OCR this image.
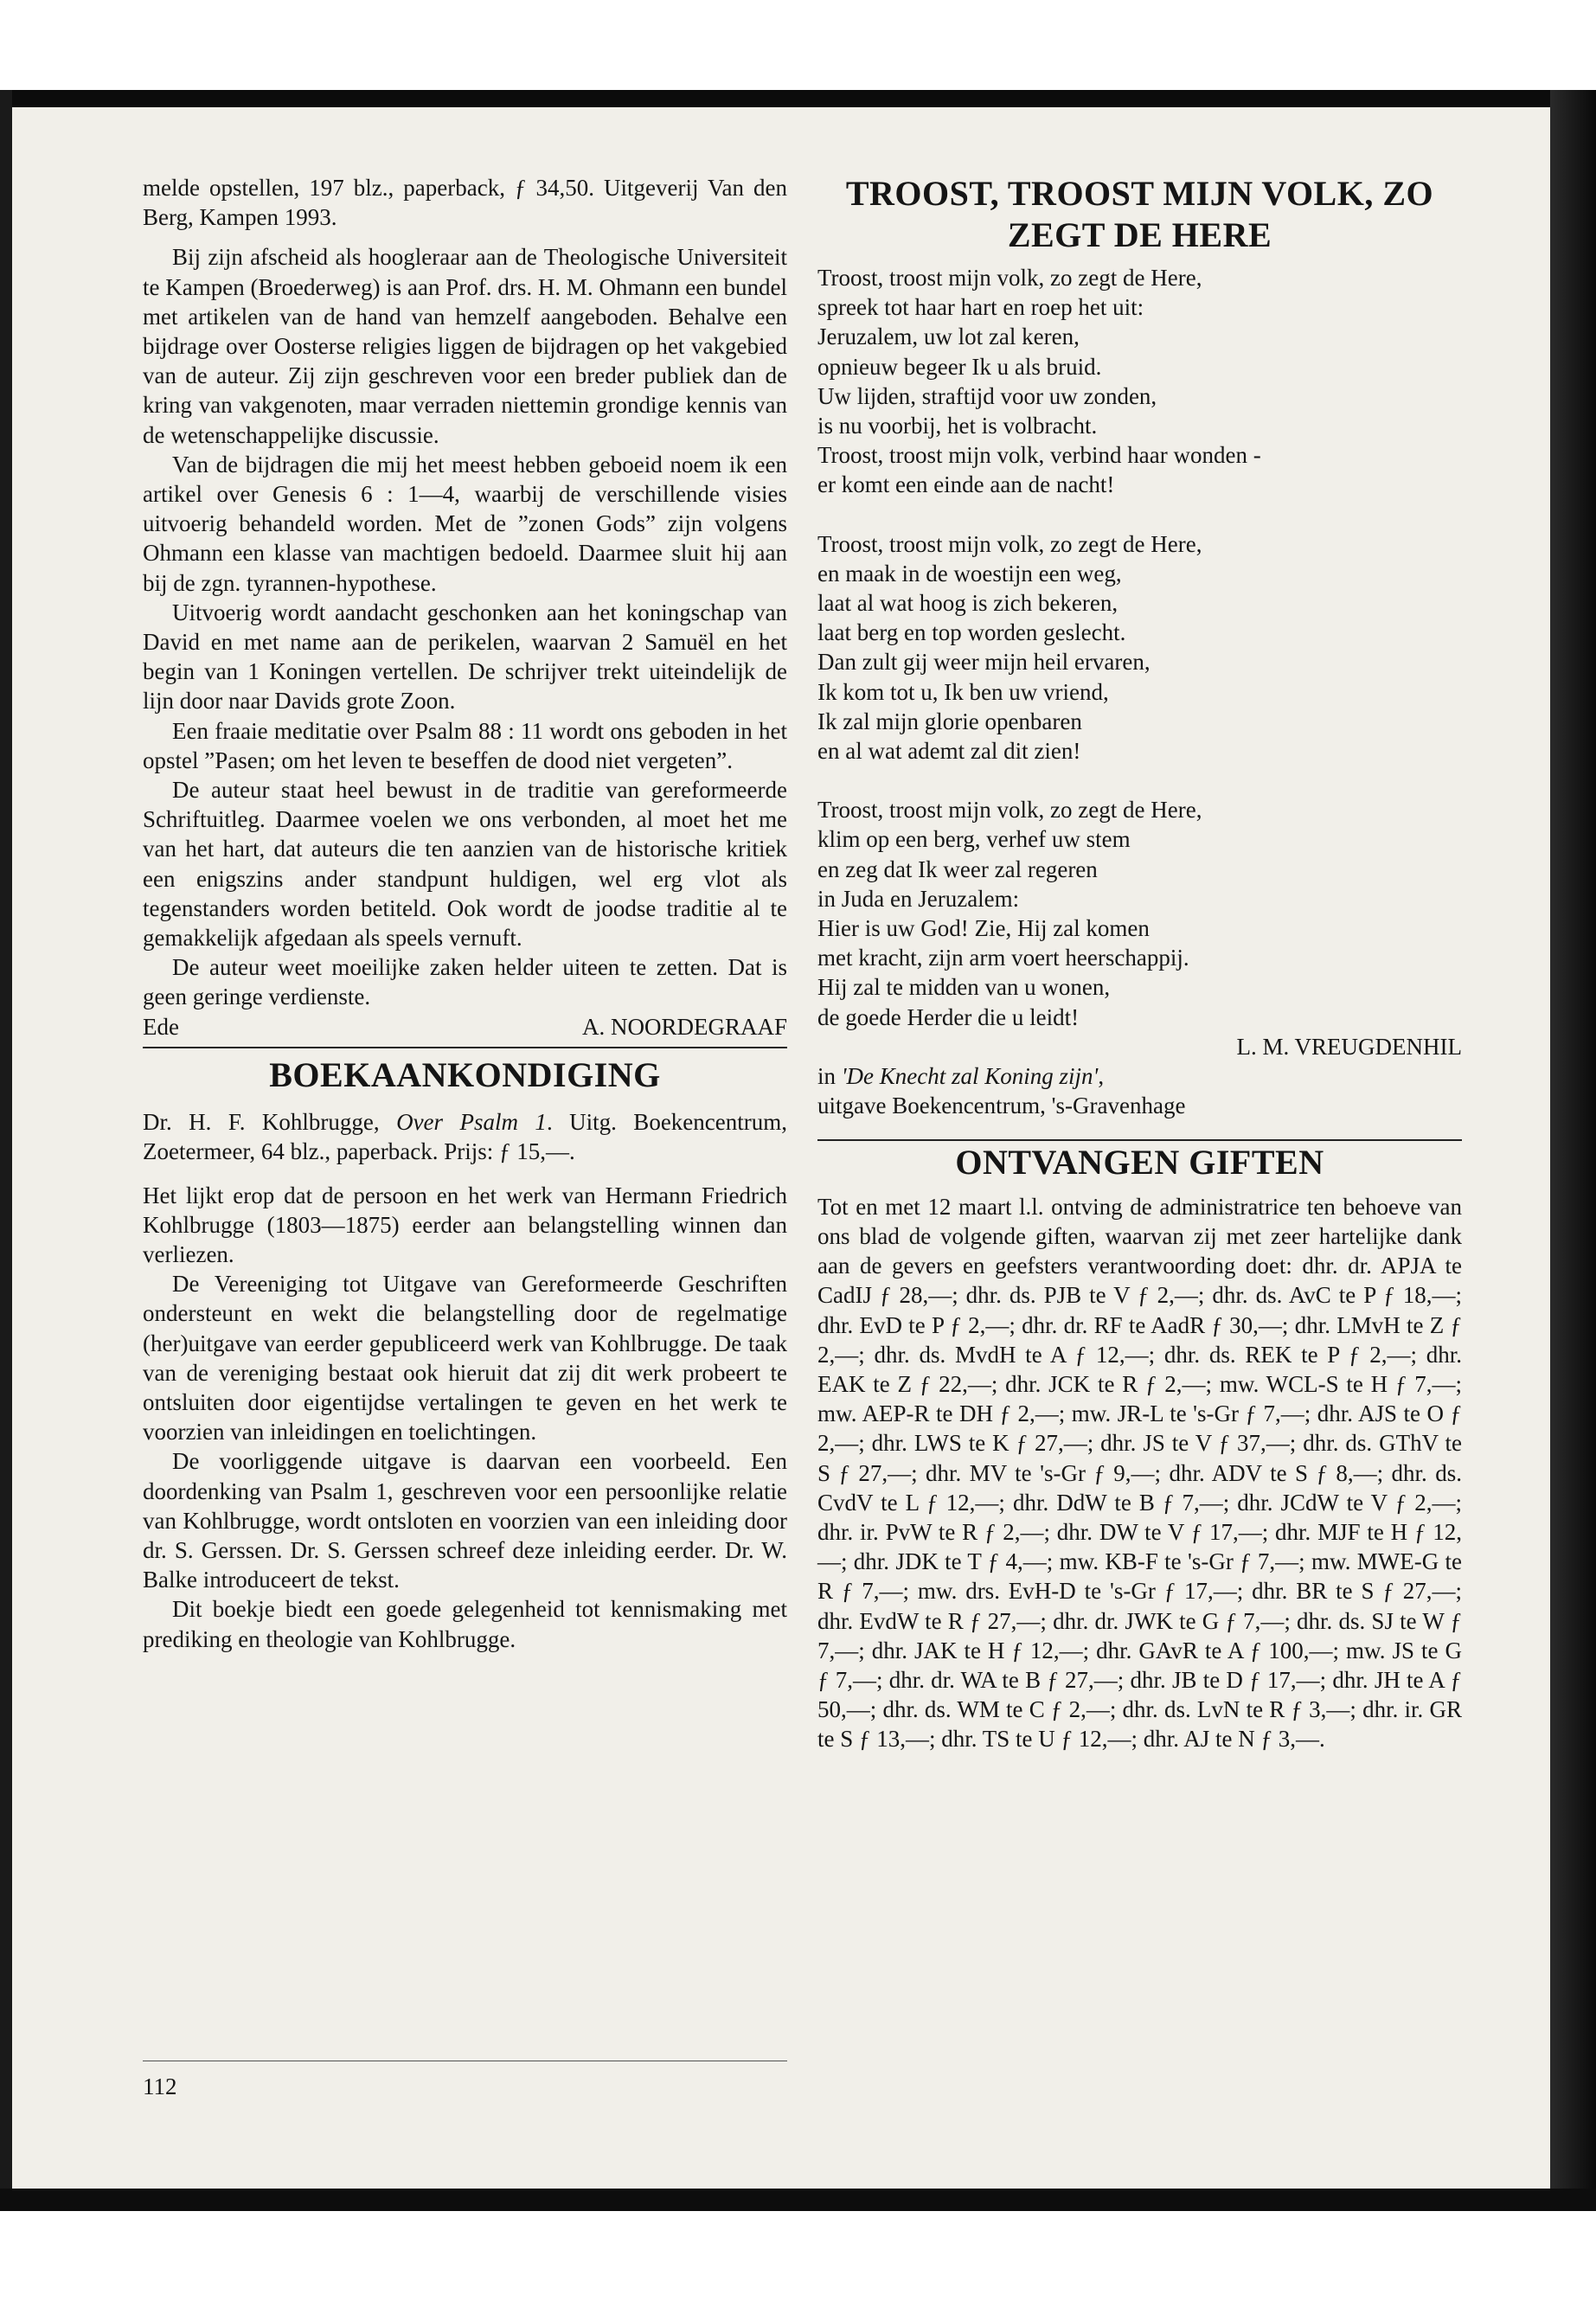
melde opstellen, 197 blz., paperback, ƒ 34,50. Uitgeverij Van den Berg, Kampen 1993.

Bij zijn afscheid als hoogleraar aan de Theologische Universiteit te Kampen (Broederweg) is aan Prof. drs. H. M. Ohmann een bundel met artikelen van de hand van hemzelf aangeboden. Behalve een bijdrage over Oosterse religies liggen de bijdragen op het vakgebied van de auteur. Zij zijn geschreven voor een breder publiek dan de kring van vakgenoten, maar verraden niettemin grondige kennis van de wetenschappelijke discussie.

Van de bijdragen die mij het meest hebben geboeid noem ik een artikel over Genesis 6 : 1—4, waarbij de verschillende visies uitvoerig behandeld worden. Met de ”zonen Gods” zijn volgens Ohmann een klasse van machtigen bedoeld. Daarmee sluit hij aan bij de zgn. tyrannen-hypothese.

Uitvoerig wordt aandacht geschonken aan het koningschap van David en met name aan de perikelen, waarvan 2 Samuël en het begin van 1 Koningen vertellen. De schrijver trekt uiteindelijk de lijn door naar Davids grote Zoon.

Een fraaie meditatie over Psalm 88 : 11 wordt ons geboden in het opstel ”Pasen; om het leven te beseffen de dood niet vergeten”.

De auteur staat heel bewust in de traditie van gereformeerde Schriftuitleg. Daarmee voelen we ons verbonden, al moet het me van het hart, dat auteurs die ten aanzien van de historische kritiek een enigszins ander standpunt huldigen, wel erg vlot als tegenstanders worden betiteld. Ook wordt de joodse traditie al te gemakkelijk afgedaan als speels vernuft.

De auteur weet moeilijke zaken helder uiteen te zetten. Dat is geen geringe verdienste.

Ede	A. NOORDEGRAAF
BOEKAANKONDIGING

Dr. H. F. Kohlbrugge, Over Psalm 1. Uitg. Boekencentrum, Zoetermeer, 64 blz., paperback. Prijs: ƒ 15,—.

Het lijkt erop dat de persoon en het werk van Hermann Friedrich Kohlbrugge (1803—1875) eerder aan belangstelling winnen dan verliezen.

De Vereeniging tot Uitgave van Gereformeerde Geschriften ondersteunt en wekt die belangstelling door de regelmatige (her)uitgave van eerder gepubliceerd werk van Kohlbrugge. De taak van de vereniging bestaat ook hieruit dat zij dit werk probeert te ontsluiten door eigentijdse vertalingen te geven en het werk te voorzien van inleidingen en toelichtingen.

De voorliggende uitgave is daarvan een voorbeeld. Een doordenking van Psalm 1, geschreven voor een persoonlijke relatie van Kohlbrugge, wordt ontsloten en voorzien van een inleiding door dr. S. Gerssen. Dr. S. Gerssen schreef deze inleiding eerder. Dr. W. Balke introduceert de tekst.

Dit boekje biedt een goede gelegenheid tot kennismaking met prediking en theologie van Kohlbrugge.

112
TROOST, TROOST MIJN VOLK, ZO ZEGT DE HERE

Troost, troost mijn volk, zo zegt de Here,

spreek tot haar hart en roep het uit:

Jeruzalem, uw lot zal keren,

opnieuw begeer Ik u als bruid.

Uw lijden, straftijd voor uw zonden,

is nu voorbij, het is volbracht.

Troost, troost mijn volk, verbind haar wonden -

er komt een einde aan de nacht!

Troost, troost mijn volk, zo zegt de Here,

en maak in de woestijn een weg,

laat al wat hoog is zich bekeren,

laat berg en top worden geslecht.

Dan zult gij weer mijn heil ervaren,

Ik kom tot u, Ik ben uw vriend,

Ik zal mijn glorie openbaren

en al wat ademt zal dit zien!

Troost, troost mijn volk, zo zegt de Here,

klim op een berg, verhef uw stem

en zeg dat Ik weer zal regeren

in Juda en Jeruzalem:

Hier is uw God! Zie, Hij zal komen

met kracht, zijn arm voert heerschappij.

Hij zal te midden van u wonen,

de goede Herder die u leidt!

L. M. VREUGDENHIL

in 'De Knecht zal Koning zijn',

uitgave Boekencentrum, 's-Gravenhage

ONTVANGEN GIFTEN

Tot en met 12 maart l.l. ontving de administratrice ten behoeve van ons blad de volgende giften, waarvan zij met zeer hartelijke dank aan de gevers en geefsters verantwoording doet: dhr. dr. APJA te CadIJ ƒ 28,—; dhr. ds. PJB te V ƒ 2,—; dhr. ds. AvC te P ƒ 18,—; dhr. EvD te P ƒ 2,—; dhr. dr. RF te AadR ƒ 30,—; dhr. LMvH te Z ƒ 2,—; dhr. ds. MvdH te A ƒ 12,—; dhr. ds. REK te P ƒ 2,—; dhr. EAK te Z ƒ 22,—; dhr. JCK te R ƒ 2,—; mw. WCL-S te H ƒ 7,—; mw. AEP-R te DH ƒ 2,—; mw. JR-L te 's-Gr ƒ 7,—; dhr. AJS te O ƒ 2,—; dhr. LWS te K ƒ 27,—; dhr. JS te V ƒ 37,—; dhr. ds. GThV te S ƒ 27,—; dhr. MV te 's-Gr ƒ 9,—; dhr. ADV te S ƒ 8,—; dhr. ds. CvdV te L ƒ 12,—; dhr. DdW te B ƒ 7,—; dhr. JCdW te V ƒ 2,—; dhr. ir. PvW te R ƒ 2,—; dhr. DW te V ƒ 17,—; dhr. MJF te H ƒ 12,—; dhr. JDK te T ƒ 4,—; mw. KB-F te 's-Gr ƒ 7,—; mw. MWE-G te R ƒ 7,—; mw. drs. EvH-D te 's-Gr ƒ 17,—; dhr. BR te S ƒ 27,—; dhr. EvdW te R ƒ 27,—; dhr. dr. JWK te G ƒ 7,—; dhr. ds. SJ te W ƒ 7,—; dhr. JAK te H ƒ 12,—; dhr. GAvR te A ƒ 100,—; mw. JS te G ƒ 7,—; dhr. dr. WA te B ƒ 27,—; dhr. JB te D ƒ 17,—; dhr. JH te A ƒ 50,—; dhr. ds. WM te C ƒ 2,—; dhr. ds. LvN te R ƒ 3,—; dhr. ir. GR te S ƒ 13,—; dhr. TS te U ƒ 12,—; dhr. AJ te N ƒ 3,—.
